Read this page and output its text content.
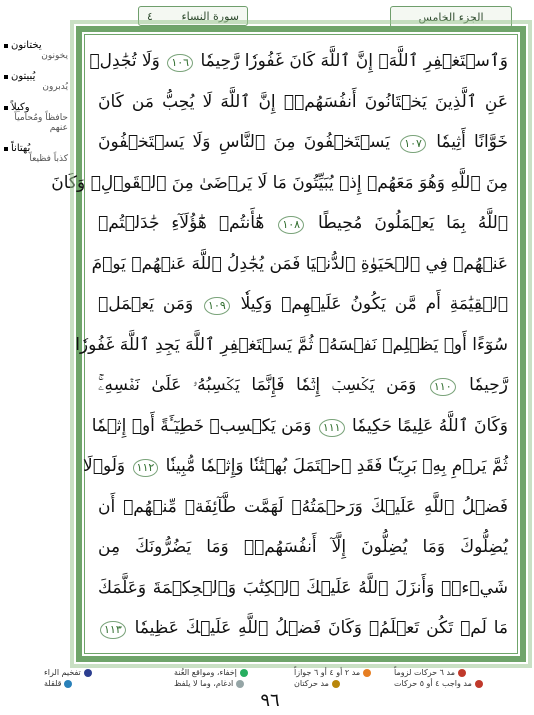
٤	سورة النساء	الجزء الخامس
يختانون
يخونون
يُبيتون
يُدبرون
وكيلاً
حافظاً ومُحامياً عنهم
بُهتاناً
كذباً فظيعاً
وَٱسۡتَغۡفِرِ ٱللَّهَۖ إِنَّ ٱللَّهَ كَانَ غَفُورٗا رَّحِيمٗا ١٠٦ وَلَا تُجَٰدِلۡ
عَنِ ٱلَّذِينَ يَخۡتَانُونَ أَنفُسَهُمۡۚ إِنَّ ٱللَّهَ لَا يُحِبُّ مَن كَانَ
خَوَّانًا أَثِيمٗا ١٠٧ يَسۡتَخۡفُونَ مِنَ ٱلنَّاسِ وَلَا يَسۡتَخۡفُونَ
مِنَ ٱللَّهِ وَهُوَ مَعَهُمۡ إِذۡ يُبَيِّتُونَ مَا لَا يَرۡضَىٰ مِنَ ٱلۡقَوۡلِۚ وَكَانَ
ٱللَّهُ بِمَا يَعۡمَلُونَ مُحِيطًا ١٠٨ هَٰٓأَنتُمۡ هَٰٓؤُلَآءِ جَٰدَلۡتُمۡ
عَنۡهُمۡ فِي ٱلۡحَيَوٰةِ ٱلدُّنۡيَا فَمَن يُجَٰدِلُ ٱللَّهَ عَنۡهُمۡ يَوۡمَ
ٱلۡقِيَٰمَةِ أَم مَّن يَكُونُ عَلَيۡهِمۡ وَكِيلٗا ١٠٩ وَمَن يَعۡمَلۡ
سُوٓءًا أَوۡ يَظۡلِمۡ نَفۡسَهُۥ ثُمَّ يَسۡتَغۡفِرِ ٱللَّهَ يَجِدِ ٱللَّهَ غَفُورٗا
رَّحِيمٗا ١١٠ وَمَن يَكۡسِبۡ إِثۡمٗا فَإِنَّمَا يَكۡسِبُهُۥ عَلَىٰ نَفۡسِهِۦۚ
وَكَانَ ٱللَّهُ عَلِيمًا حَكِيمٗا ١١١ وَمَن يَكۡسِبۡ خَطِيٓـَٔةً أَوۡ إِثۡمٗا
ثُمَّ يَرۡمِ بِهِۦ بَرِيٓـٔٗا فَقَدِ ٱحۡتَمَلَ بُهۡتَٰنٗا وَإِثۡمٗا مُّبِينٗا ١١٢ وَلَوۡلَا
فَضۡلُ ٱللَّهِ عَلَيۡكَ وَرَحۡمَتُهُۥ لَهَمَّت طَّآئِفَةٞ مِّنۡهُمۡ أَن
يُضِلُّوكَ وَمَا يُضِلُّونَ إِلَّآ أَنفُسَهُمۡۖ وَمَا يَضُرُّونَكَ مِن
شَيۡءٖۚ وَأَنزَلَ ٱللَّهُ عَلَيۡكَ ٱلۡكِتَٰبَ وَٱلۡحِكۡمَةَ وَعَلَّمَكَ
مَا لَمۡ تَكُن تَعۡلَمُۚ وَكَانَ فَضۡلُ ٱللَّهِ عَلَيۡكَ عَظِيمٗا ١١٣
مد ٦ حركات لزوماً
مد ٢ أو ٤ أو ٦ جوازاً
إخفاء، ومواقع الغُنة
تفخيم الراء
مد واجب ٤ أو ٥ حركات
مد حركتان
ادغام، وما لا يلفظ
قلقلة
٩٦
